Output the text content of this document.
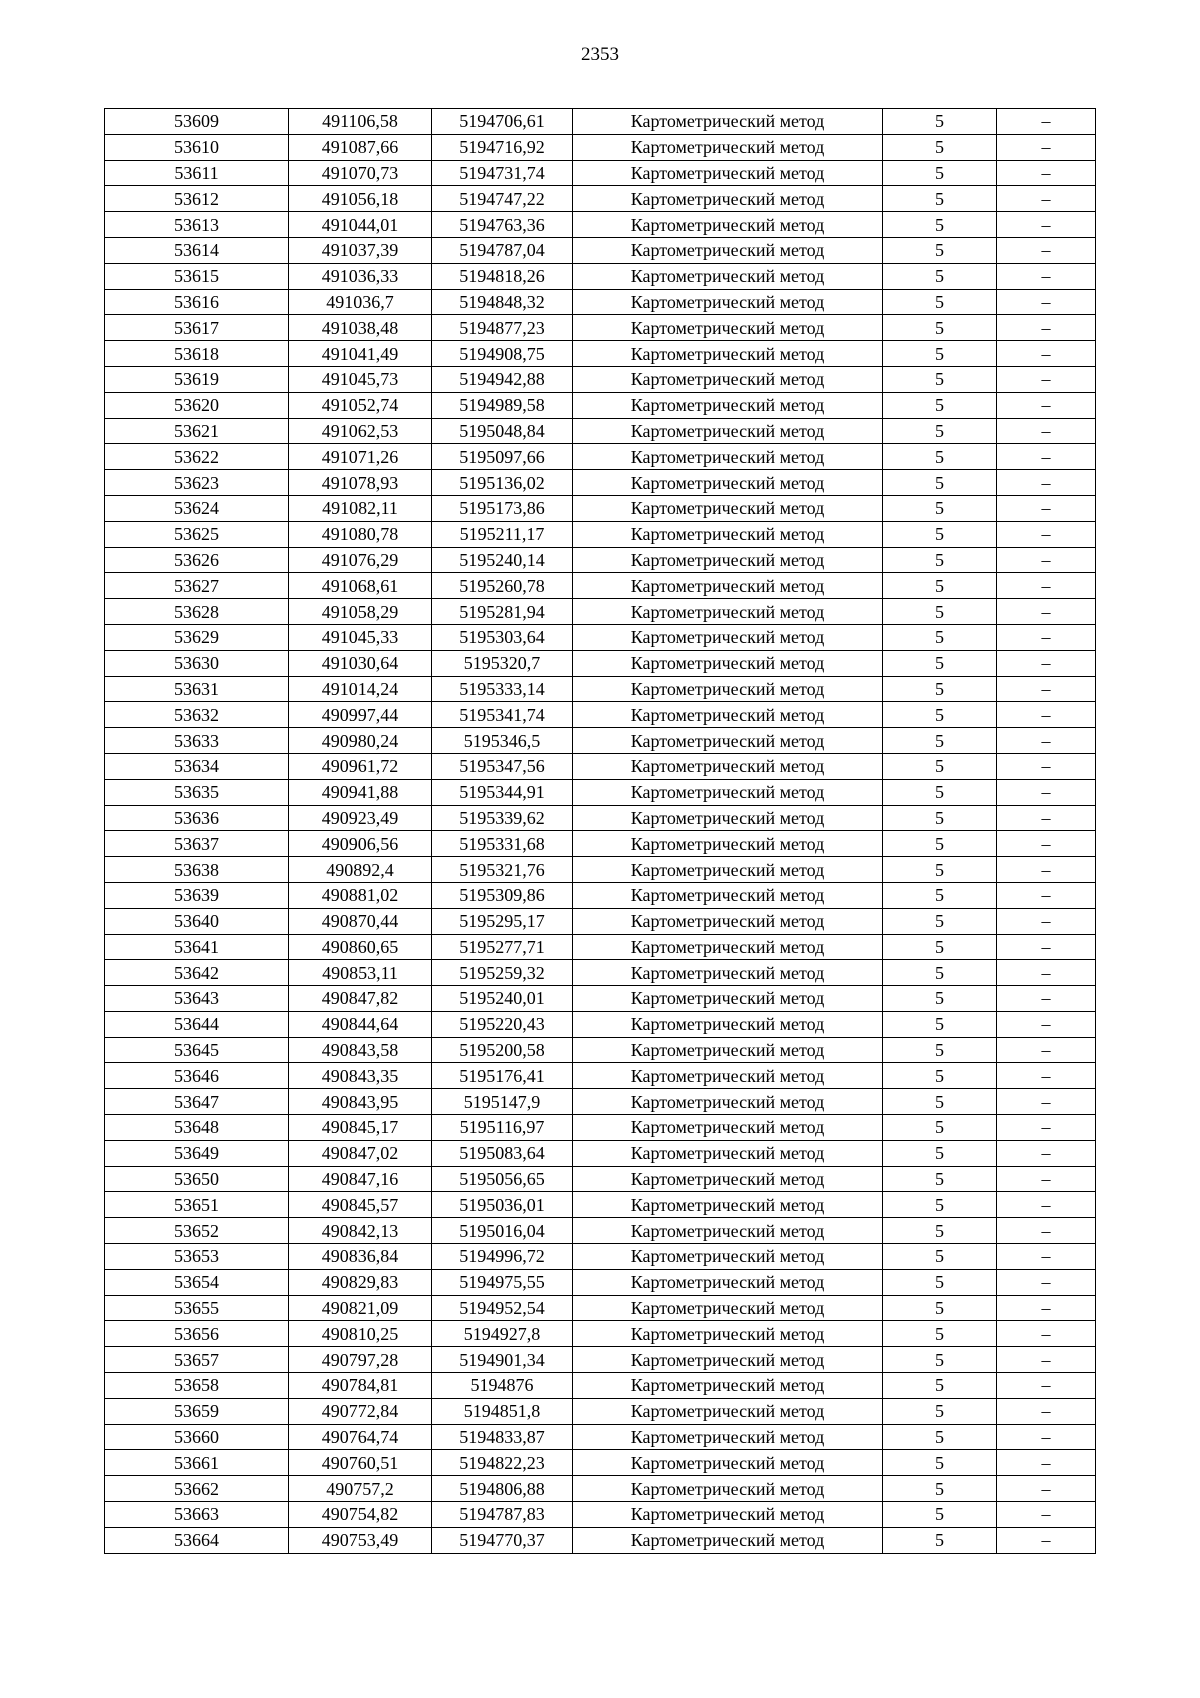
2353
53609	491106,58	5194706,61	Картометрический метод	5	–
53610	491087,66	5194716,92	Картометрический метод	5	–
53611	491070,73	5194731,74	Картометрический метод	5	–
53612	491056,18	5194747,22	Картометрический метод	5	–
53613	491044,01	5194763,36	Картометрический метод	5	–
53614	491037,39	5194787,04	Картометрический метод	5	–
53615	491036,33	5194818,26	Картометрический метод	5	–
53616	491036,7	5194848,32	Картометрический метод	5	–
53617	491038,48	5194877,23	Картометрический метод	5	–
53618	491041,49	5194908,75	Картометрический метод	5	–
53619	491045,73	5194942,88	Картометрический метод	5	–
53620	491052,74	5194989,58	Картометрический метод	5	–
53621	491062,53	5195048,84	Картометрический метод	5	–
53622	491071,26	5195097,66	Картометрический метод	5	–
53623	491078,93	5195136,02	Картометрический метод	5	–
53624	491082,11	5195173,86	Картометрический метод	5	–
53625	491080,78	5195211,17	Картометрический метод	5	–
53626	491076,29	5195240,14	Картометрический метод	5	–
53627	491068,61	5195260,78	Картометрический метод	5	–
53628	491058,29	5195281,94	Картометрический метод	5	–
53629	491045,33	5195303,64	Картометрический метод	5	–
53630	491030,64	5195320,7	Картометрический метод	5	–
53631	491014,24	5195333,14	Картометрический метод	5	–
53632	490997,44	5195341,74	Картометрический метод	5	–
53633	490980,24	5195346,5	Картометрический метод	5	–
53634	490961,72	5195347,56	Картометрический метод	5	–
53635	490941,88	5195344,91	Картометрический метод	5	–
53636	490923,49	5195339,62	Картометрический метод	5	–
53637	490906,56	5195331,68	Картометрический метод	5	–
53638	490892,4	5195321,76	Картометрический метод	5	–
53639	490881,02	5195309,86	Картометрический метод	5	–
53640	490870,44	5195295,17	Картометрический метод	5	–
53641	490860,65	5195277,71	Картометрический метод	5	–
53642	490853,11	5195259,32	Картометрический метод	5	–
53643	490847,82	5195240,01	Картометрический метод	5	–
53644	490844,64	5195220,43	Картометрический метод	5	–
53645	490843,58	5195200,58	Картометрический метод	5	–
53646	490843,35	5195176,41	Картометрический метод	5	–
53647	490843,95	5195147,9	Картометрический метод	5	–
53648	490845,17	5195116,97	Картометрический метод	5	–
53649	490847,02	5195083,64	Картометрический метод	5	–
53650	490847,16	5195056,65	Картометрический метод	5	–
53651	490845,57	5195036,01	Картометрический метод	5	–
53652	490842,13	5195016,04	Картометрический метод	5	–
53653	490836,84	5194996,72	Картометрический метод	5	–
53654	490829,83	5194975,55	Картометрический метод	5	–
53655	490821,09	5194952,54	Картометрический метод	5	–
53656	490810,25	5194927,8	Картометрический метод	5	–
53657	490797,28	5194901,34	Картометрический метод	5	–
53658	490784,81	5194876	Картометрический метод	5	–
53659	490772,84	5194851,8	Картометрический метод	5	–
53660	490764,74	5194833,87	Картометрический метод	5	–
53661	490760,51	5194822,23	Картометрический метод	5	–
53662	490757,2	5194806,88	Картометрический метод	5	–
53663	490754,82	5194787,83	Картометрический метод	5	–
53664	490753,49	5194770,37	Картометрический метод	5	–
